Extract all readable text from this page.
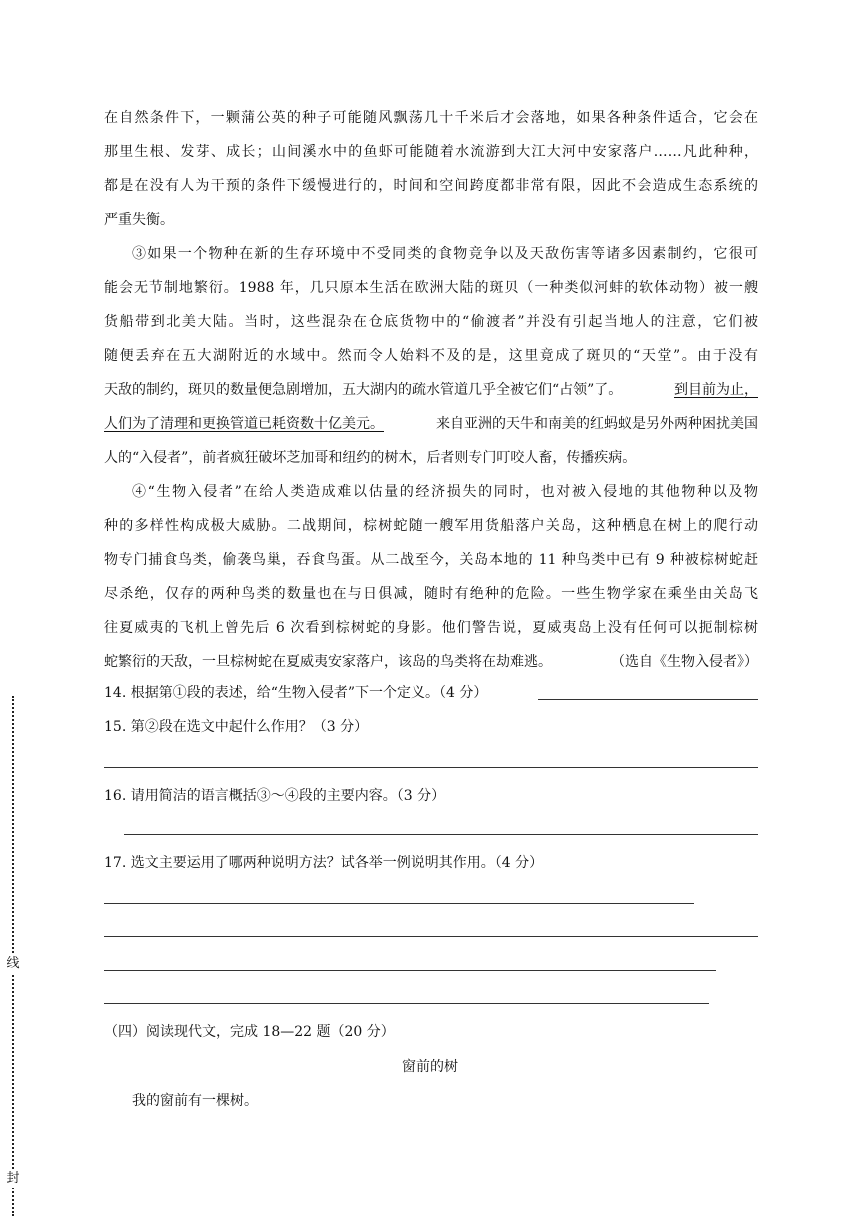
线
封
在自然条件下，一颗蒲公英的种子可能随风飘荡几十千米后才会落地，如果各种条件适合，它会在
那里生根、发芽、成长；山间溪水中的鱼虾可能随着水流游到大江大河中安家落户……凡此种种，
都是在没有人为干预的条件下缓慢进行的，时间和空间跨度都非常有限，因此不会造成生态系统的
严重失衡。
③如果一个物种在新的生存环境中不受同类的食物竞争以及天敌伤害等诸多因素制约，它很可
能会无节制地繁衍。1988 年，几只原本生活在欧洲大陆的斑贝（一种类似河蚌的软体动物）被一艘
货船带到北美大陆。当时，这些混杂在仓底货物中的“偷渡者”并没有引起当地人的注意，它们被
随便丢弃在五大湖附近的水域中。然而令人始料不及的是，这里竟成了斑贝的“天堂”。由于没有
天敌的制约，斑贝的数量便急剧增加，五大湖内的疏水管道几乎全被它们“占领”了。	到目前为止，
人们为了清理和更换管道已耗资数十亿美元。	来自亚洲的天牛和南美的红蚂蚁是另外两种困扰美国
人的“入侵者”，前者疯狂破坏芝加哥和纽约的树木，后者则专门叮咬人畜，传播疾病。
④“生物入侵者”在给人类造成难以估量的经济损失的同时，也对被入侵地的其他物种以及物
种的多样性构成极大威胁。二战期间，棕树蛇随一艘军用货船落户关岛，这种栖息在树上的爬行动
物专门捕食鸟类，偷袭鸟巢，吞食鸟蛋。从二战至今，关岛本地的 11 种鸟类中已有 9 种被棕树蛇赶
尽杀绝，仅存的两种鸟类的数量也在与日俱减，随时有绝种的危险。一些生物学家在乘坐由关岛飞
往夏威夷的飞机上曾先后 6 次看到棕树蛇的身影。他们警告说，夏威夷岛上没有任何可以扼制棕树
蛇繁衍的天敌，一旦棕树蛇在夏威夷安家落户，该岛的鸟类将在劫难逃。	（选自《生物入侵者》）
14. 根据第①段的表述，给“生物入侵者”下一个定义。（4 分）
15. 第②段在选文中起什么作用？（3 分）
16. 请用简洁的语言概括③～④段的主要内容。（3 分）
17. 选文主要运用了哪两种说明方法？试各举一例说明其作用。（4 分）
（四）阅读现代文，完成 18—22 题（20 分）
窗前的树
我的窗前有一棵树。
